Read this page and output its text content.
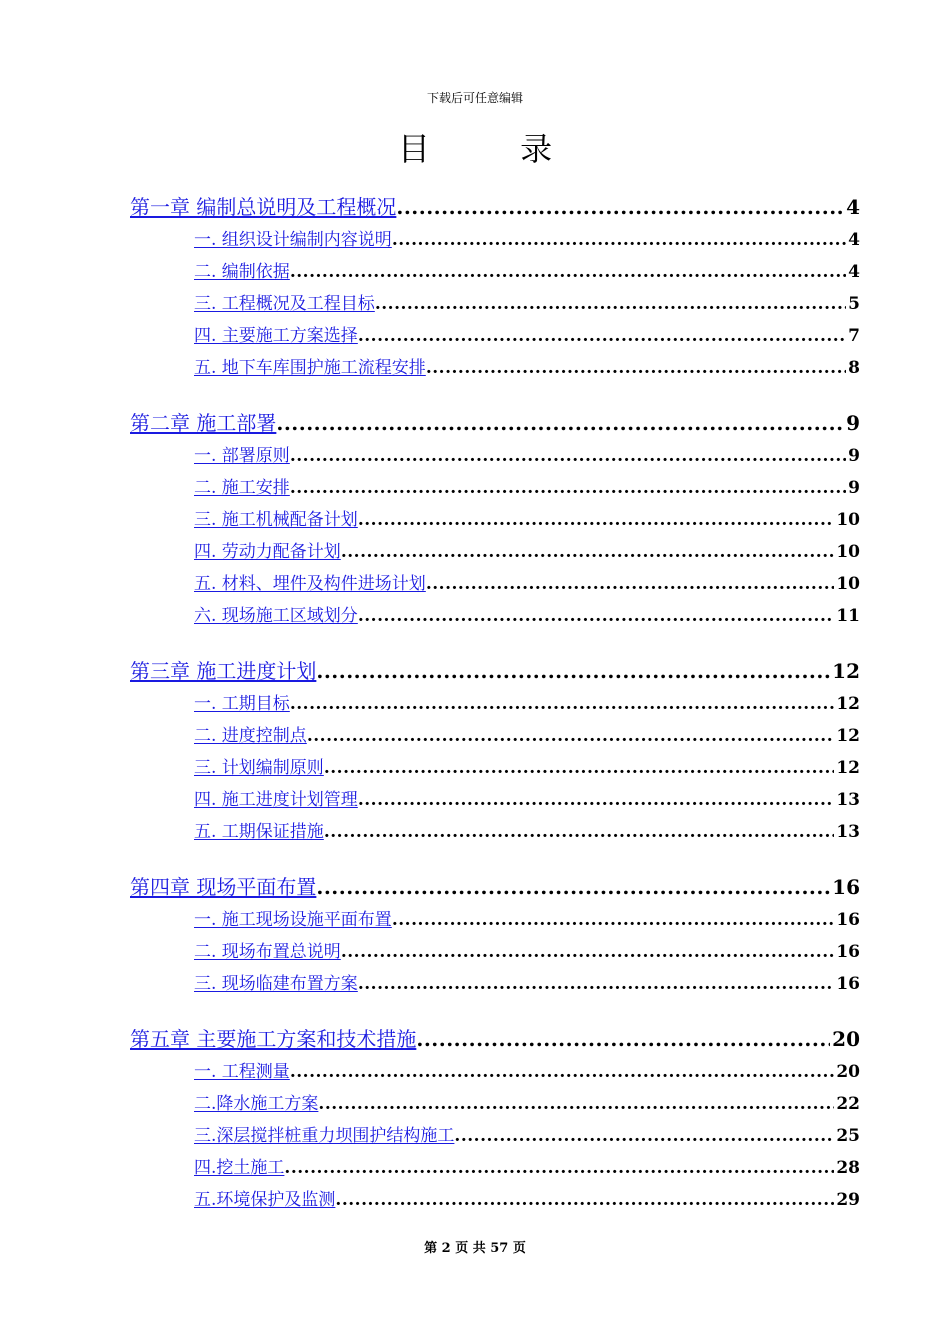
下载后可任意编辑
目 录
第一章 编制总说明及工程概况 .....	4
一. 组织设计编制内容说明 .....	4
二. 编制依据 .....	4
三. 工程概况及工程目标 .....	5
四. 主要施工方案选择 .....	7
五. 地下车库围护施工流程安排 .....	8
第二章 施工部署 .....	9
一. 部署原则 .....	9
二. 施工安排 .....	9
三. 施工机械配备计划 .....	10
四. 劳动力配备计划 .....	10
五. 材料、埋件及构件进场计划 .....	10
六. 现场施工区域划分 .....	11
第三章 施工进度计划 .....	12
一. 工期目标 .....	12
二. 进度控制点 .....	12
三. 计划编制原则 .....	12
四. 施工进度计划管理 .....	13
五. 工期保证措施 .....	13
第四章 现场平面布置 .....	16
一. 施工现场设施平面布置 .....	16
二. 现场布置总说明 .....	16
三. 现场临建布置方案 .....	16
第五章 主要施工方案和技术措施 .....	20
一. 工程测量 .....	20
二.降水施工方案 .....	22
三.深层搅拌桩重力坝围护结构施工 .....	25
四.挖土施工 .....	28
五.环境保护及监测 .....	29
第 2 页 共 57 页
